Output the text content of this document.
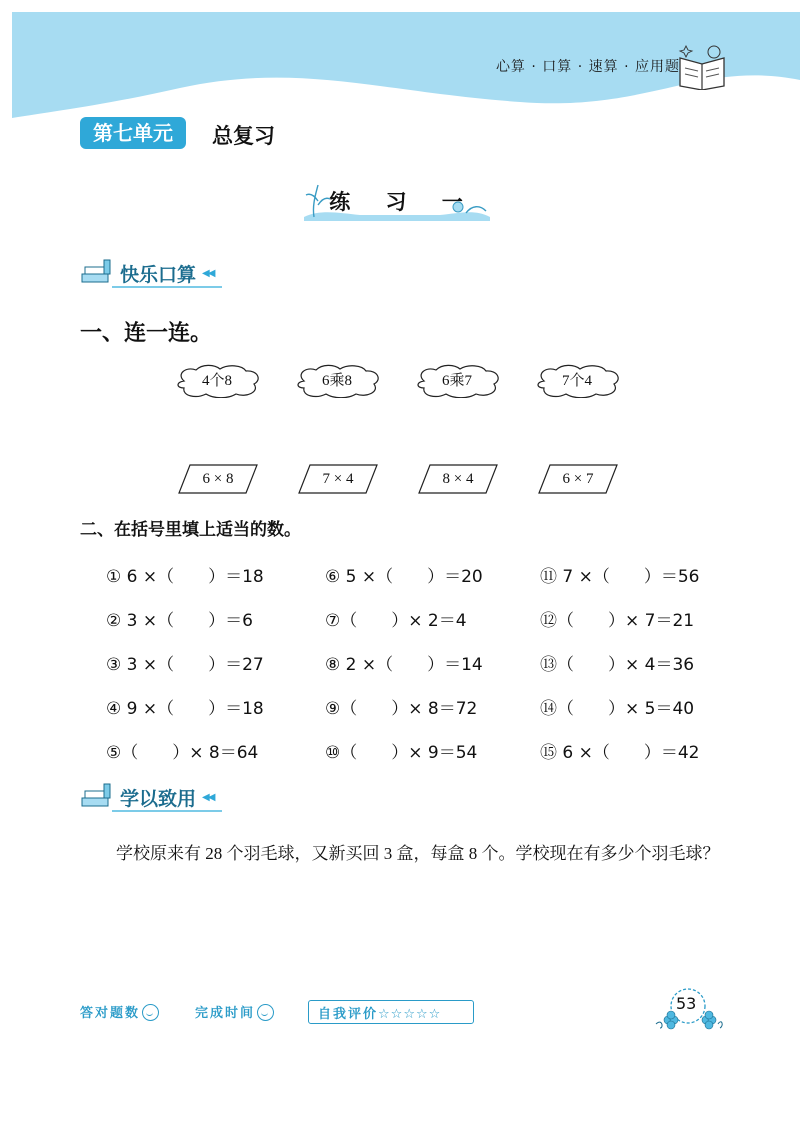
心算 · 口算 · 速算 · 应用题
第七单元	总复习
练 习 一
快乐口算 ◀◀
一、连一连。
4个8	6乘8	6乘7	7个4
6 × 8	7 × 4	8 × 4	6 × 7
二、在括号里填上适当的数。
① 6 ×（　　）＝18	⑥ 5 ×（　　）＝20	⑪ 7 ×（　　）＝56
② 3 ×（　　）＝6	⑦（　　）× 2＝4	⑫（　　）× 7＝21
③ 3 ×（　　）＝27	⑧ 2 ×（　　）＝14	⑬（　　）× 4＝36
④ 9 ×（　　）＝18	⑨（　　）× 8＝72	⑭（　　）× 5＝40
⑤（　　）× 8＝64	⑩（　　）× 9＝54	⑮ 6 ×（　　）＝42
学以致用 ◀◀
学校原来有 28 个羽毛球，又新买回 3 盒，每盒 8 个。学校现在有多少个羽毛球？
答对题数	完成时间	自我评价☆☆☆☆☆
53
